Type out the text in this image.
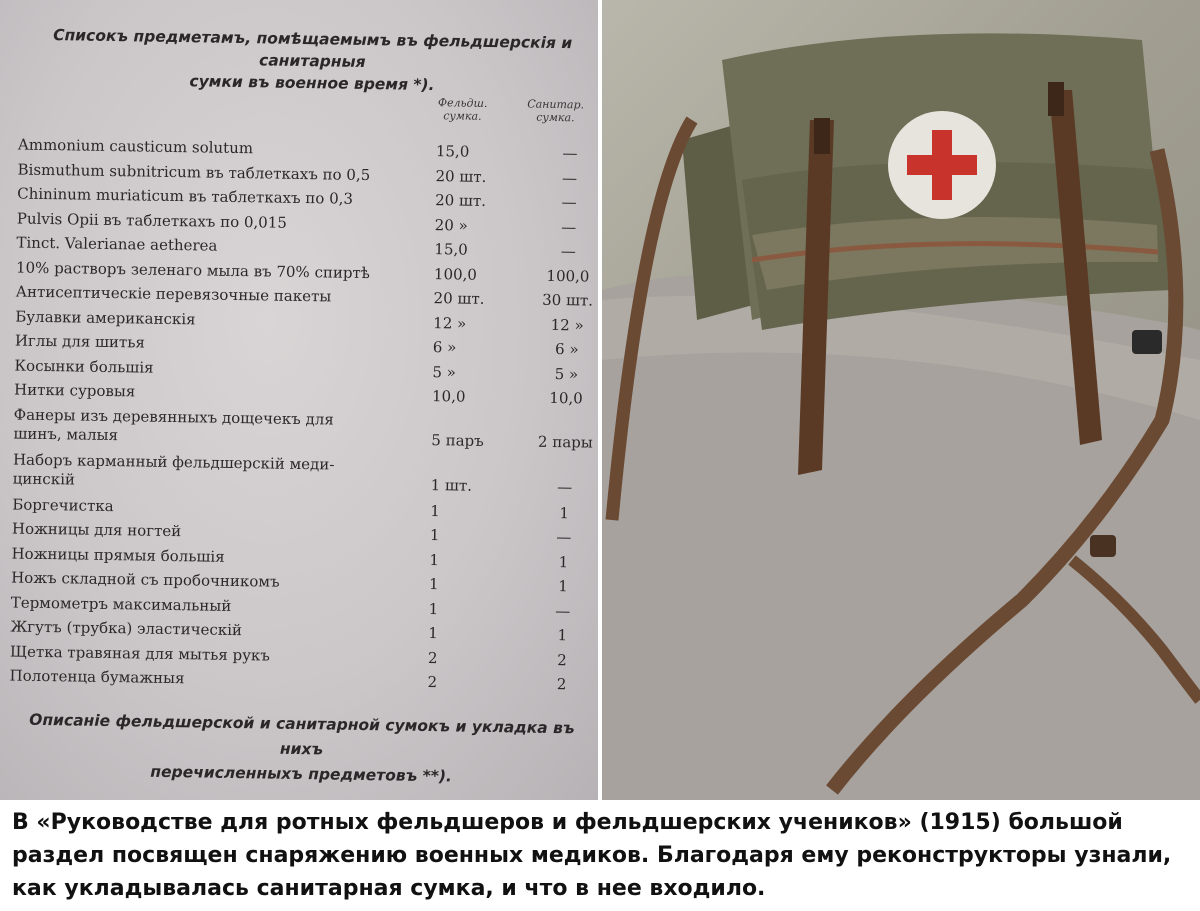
Списокъ предметамъ, помѣщаемымъ въ фельдшерскія и санитарныя
сумки въ военное время *).
Фельдш. сумка.
Санитар. сумка.
Ammonium causticum solutum	15,0	—
Bismuthum subnitricum въ таблеткахъ по 0,5	20 шт.	—
Chininum muriaticum въ таблеткахъ по 0,3	20 шт.	—
Pulvis Opii въ таблеткахъ по 0,015	20 »	—
Tinct. Valerianae aetherea	15,0	—
10% растворъ зеленаго мыла въ 70% спиртѣ	100,0	100,0
Антисептическіе перевязочные пакеты	20 шт.	30 шт.
Булавки американскія	12 »	12 »
Иглы для шитья	6 »	6 »
Косынки большія	5 »	5 »
Нитки суровыя	10,0	10,0
Фанеры изъ деревянныхъ дощечекъ для
шинъ, малыя	5 паръ	2 пары
Наборъ карманный фельдшерскій меди-
цинскій	1 шт.	—
Боргечистка	1	1
Ножницы для ногтей	1	—
Ножницы прямыя большія	1	1
Ножъ складной съ пробочникомъ	1	1
Термометръ максимальный	1	—
Жгутъ (трубка) эластическій	1	1
Щетка травяная для мытья рукъ	2	2
Полотенца бумажныя	2	2
Описаніе фельдшерской и санитарной сумокъ и укладка въ нихъ
перечисленныхъ предметовъ **).
В «Руководстве для ротных фельдшеров и фельдшерских учеников» (1915) большой раздел посвящен снаряжению военных медиков. Благодаря ему реконструкторы узнали, как укладывалась санитарная сумка, и что в нее входило.
